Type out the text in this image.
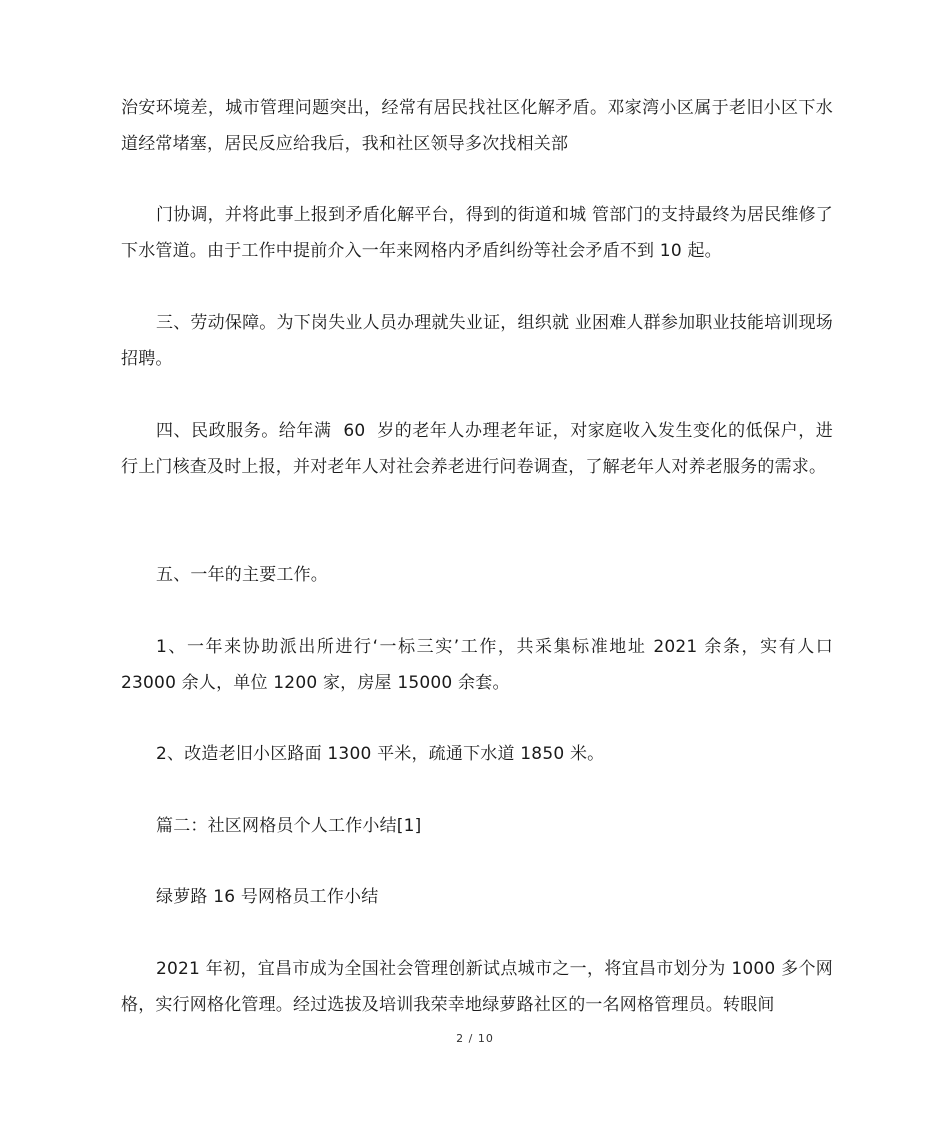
治安环境差，城市管理问题突出，经常有居民找社区化解矛盾。邓家湾小区属于老旧小区下水道经常堵塞，居民反应给我后，我和社区领导多次找相关部
门协调，并将此事上报到矛盾化解平台，得到的街道和城 管部门的支持最终为居民维修了下水管道。由于工作中提前介入一年来网格内矛盾纠纷等社会矛盾不到 10 起。
三、劳动保障。为下岗失业人员办理就失业证，组织就 业困难人群参加职业技能培训现场招聘。
四、民政服务。给年满  60  岁的老年人办理老年证，对家庭收入发生变化的低保户，进行上门核查及时上报，并对老年人对社会养老进行问卷调查，了解老年人对养老服务的需求。
五、一年的主要工作。
1、一年来协助派出所进行‘一标三实’工作，共采集标准地址 2021 余条，实有人口 23000 余人，单位 1200 家，房屋 15000 余套。
2、改造老旧小区路面 1300 平米，疏通下水道 1850 米。
篇二：社区网格员个人工作小结[1]
绿萝路 16 号网格员工作小结
2021 年初，宜昌市成为全国社会管理创新试点城市之一，将宜昌市划分为 1000 多个网格，实行网格化管理。经过选拔及培训我荣幸地绿萝路社区的一名网格管理员。转眼间
2 / 10
